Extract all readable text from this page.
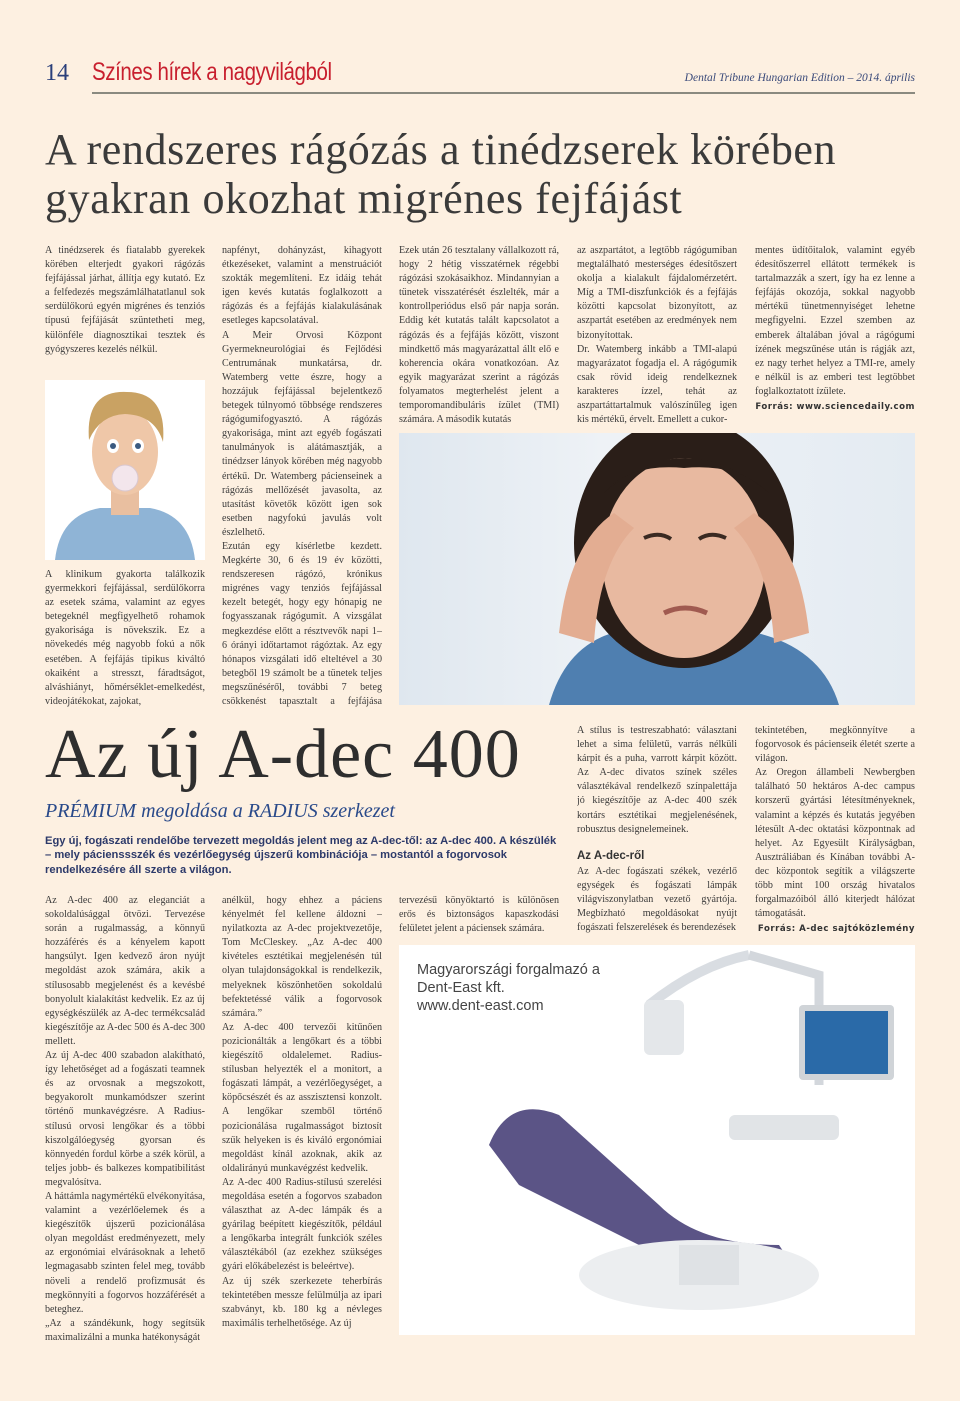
14 Színes hírek a nagyvilágból	Dental Tribune Hungarian Edition – 2014. április
A rendszeres rágózás a tinédzserek körében
gyakran okozhat migrénes fejfájást

A tinédzserek és fiatalabb gyerekek körében elterjedt gyakori rágózás fejfájással járhat, állítja egy kutató. Ez a felfedezés megszámlálhatatlanul sok serdülőkorú egyén migrénes és tenziós típusú fejfájását szüntetheti meg, különféle diagnosztikai tesztek és gyógyszeres kezelés nélkül.

A klinikum gyakorta találkozik gyermekkori fejfájással, serdülőkorra az esetek száma, valamint az egyes betegeknél megfigyelhető rohamok gyakorisága is növekszik. Ez a növekedés még nagyobb fokú a nők esetében. A fejfájás tipikus kiváltó okaiként a stresszt, fáradtságot, alváshiányt, hőmérséklet-emelkedést, videojátékokat, zajokat,

napfényt, dohányzást, kihagyott étkezéseket, valamint a menstruációt szokták megemlíteni. Ez idáig tehát igen kevés kutatás foglalkozott a rágózás és a fejfájás kialakulásának esetleges kapcsolatával.

A Meir Orvosi Központ Gyermekneurológiai és Fejlődési Centrumának munkatársa, dr. Watemberg vette észre, hogy a hozzájuk fejfájással bejelentkező betegek túlnyomó többsége rendszeres rágógumifogyasztó. A rágózás gyakorisága, mint azt egyéb fogászati tanulmányok is alátámasztják, a tinédzser lányok körében még nagyobb értékű. Dr. Watemberg pácienseinek a rágózás mellőzését javasolta, az utasítást követők között igen sok esetben nagyfokú javulás volt észlelhető.

Ezután egy kísérletbe kezdett. Megkérte 30, 6 és 19 év közötti, rendszeresen rágózó, krónikus migrénes vagy tenziós fejfájással kezelt betegét, hogy egy hónapig ne fogyasszanak rágógumit. A vizsgálat megkezdése előtt a résztvevők napi 1–6 órányi időtartamot rágóztak. Az egy hónapos vizsgálati idő elteltével a 30 betegből 19 számolt be a tünetek teljes megszűnéséről, további 7 beteg csökkenést tapasztalt a fejfájása

Ezek után 26 tesztalany vállalkozott rá, hogy 2 hétig visszatérnek régebbi rágózási szokásaikhoz. Mindannyian a tünetek visszatérését észlelték, már a kontrollperiódus első pár napja során. Eddig két kutatás talált kapcsolatot a rágózás és a fejfájás között, viszont mindkettő más magyarázattal állt elő e koherencia okára vonatkozóan. Az egyik magyarázat szerint a rágózás folyamatos megterhelést jelent a temporomandibuláris ízület (TMI) számára. A második kutatás

az aszpartátot, a legtöbb rágógumiban megtalálható mesterséges édesítőszert okolja a kialakult fájdalomérzetért. Míg a TMI-diszfunkciók és a fejfájás közötti kapcsolat bizonyított, az aszpartát esetében az eredmények nem bizonyítottak.

Dr. Watemberg inkább a TMI-alapú magyarázatot fogadja el. A rágógumik csak rövid ideig rendelkeznek karakteres ízzel, tehát az aszpartáttartalmuk valószínűleg igen kis mértékű, érvelt. Emellett a cukor-

mentes üdítőitalok, valamint egyéb édesítőszerrel ellátott termékek is tartalmazzák a szert, így ha ez lenne a fejfájás okozója, sokkal nagyobb mértékű tünetmennyiséget lehetne megfigyelni. Ezzel szemben az emberek általában jóval a rágógumi ízének megszűnése után is rágják azt, ez nagy terhet helyez a TMI-re, amely e nélkül is az emberi test legtöbbet foglalkoztatott ízülete.

Forrás: www.sciencedaily.com

Az új A-dec 400
PRÉMIUM megoldása a RADIUS szerkezet
Egy új, fogászati rendelőbe tervezett megoldás jelent meg az A-dec-től: az A-dec 400. A készülék – mely pácienssszék és vezérlőegység újszerű kombinációja – mostantól a fogorvosok rendelkezésére áll szerte a világon.

Az A-dec 400 az eleganciát a sokoldalúsággal ötvözi. Tervezése során a rugalmasság, a könnyű hozzáférés és a kényelem kapott hangsúlyt. Igen kedvező áron nyújt megoldást azok számára, akik a stílusosabb megjelenést és a kevésbé bonyolult kialakítást kedvelik. Ez az új egységkészülék az A-dec termékcsalád kiegészítője az A-dec 500 és A-dec 300 mellett.

Az új A-dec 400 szabadon alakítható, így lehetőséget ad a fogászati teamnek és az orvosnak a megszokott, begyakorolt munkamódszer szerint történő munkavégzésre. A Radius-stílusú orvosi lengőkar és a többi kiszolgálóegység gyorsan és könnyedén fordul körbe a szék körül, a teljes jobb- és balkezes kompatibilitást megvalósítva.

A háttámla nagymértékű elvékonyítása, valamint a vezérlőelemek és a kiegészítők újszerű pozicionálása olyan megoldást eredményezett, mely az ergonómiai elvárásoknak a lehető legmagasabb szinten felel meg, tovább növeli a rendelő profizmusát és megkönnyíti a fogorvos hozzáférését a beteghez.

„Az a szándékunk, hogy segítsük maximalizálni a munka hatékonyságát

anélkül, hogy ehhez a páciens kényelmét fel kellene áldozni – nyilatkozta az A-dec projektvezetője, Tom McCleskey. „Az A-dec 400 kivételes esztétikai megjelenésén túl olyan tulajdonságokkal is rendelkezik, melyeknek köszönhetően sokoldalú befektetéssé válik a fogorvosok számára.”

Az A-dec 400 tervezői kitűnően pozicionálták a lengőkart és a többi kiegészítő oldalelemet. Radius-stílusban helyezték el a monitort, a fogászati lámpát, a vezérlőegységet, a köpőcsészét és az asszisztensi konzolt. A lengőkar szemből történő pozicionálása rugalmasságot biztosít szűk helyeken is és kiváló ergonómiai megoldást kínál azoknak, akik az oldalirányú munkavégzést kedvelik.

Az A-dec 400 Radius-stílusú szerelési megoldása esetén a fogorvos szabadon választhat az A-dec lámpák és a gyárilag beépített kiegészítők, például a lengőkarba integrált funkciók széles választékából (az ezekhez szükséges gyári előkábelezést is beleértve).

Az új szék szerkezete teherbírás tekintetében messze felülmúlja az ipari szabványt, kb. 180 kg a névleges maximális terhelhetősége. Az új

tervezésű könyöktartó is különösen erős és biztonságos kapaszkodási felületet jelent a páciensek számára.

A stílus is testreszabható: választani lehet a sima felületű, varrás nélküli kárpit és a puha, varrott kárpit között. Az A-dec divatos színek széles választékával rendelkező színpalettája jó kiegészítője az A-dec 400 szék kortárs esztétikai megjelenésének, robusztus designelemeinek.

Az A-dec-ről

Az A-dec fogászati székek, vezérlő egységek és fogászati lámpák világviszonylatban vezető gyártója. Megbízható megoldásokat nyújt fogászati felszerelések és berendezések

tekintetében, megkönnyítve a fogorvosok és pácienseik életét szerte a világon.

Az Oregon állambeli Newbergben található 50 hektáros A-dec campus korszerű gyártási létesítményeknek, valamint a képzés és kutatás jegyében létesült A-dec oktatási központnak ad helyet. Az Egyesült Királyságban, Ausztráliában és Kínában további A-dec központok segítik a világszerte több mint 100 ország hivatalos forgalmazóiból álló kiterjedt hálózat támogatását.

Forrás: A-dec sajtóközlemény

Magyarországi forgalmazó a
Dent-East kft.
www.dent-east.com
